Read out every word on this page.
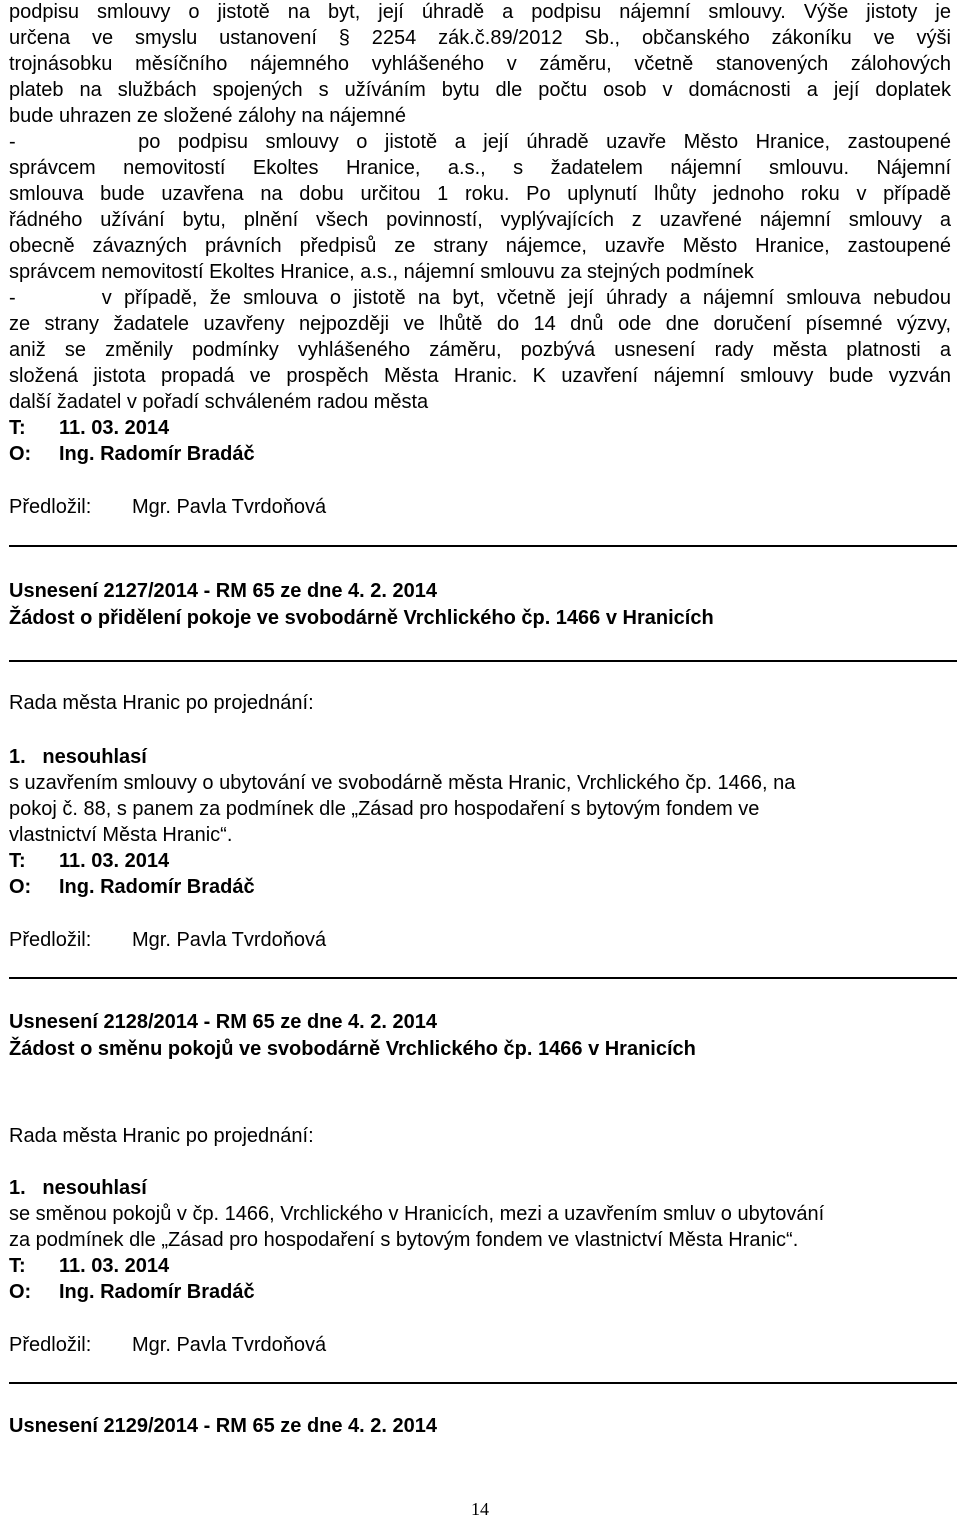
podpisu smlouvy o jistotě na byt, její úhradě a podpisu nájemní smlouvy. Výše jistoty je
určena ve smyslu ustanovení § 2254 zák.č.89/2012 Sb., občanského zákoníku ve výši
trojnásobku měsíčního nájemného vyhlášeného v záměru, včetně stanovených zálohových
plateb na službách spojených s užíváním bytu dle počtu osob v domácnosti a její doplatek
bude uhrazen ze složené zálohy na nájemné
-       po podpisu smlouvy o jistotě a její úhradě uzavře Město Hranice, zastoupené
správcem nemovitostí Ekoltes Hranice, a.s., s žadatelem nájemní smlouvu. Nájemní
smlouva bude uzavřena na dobu určitou 1 roku. Po uplynutí lhůty jednoho roku v případě
řádného užívání bytu, plnění všech povinností, vyplývajících z uzavřené nájemní smlouvy a
obecně závazných právních předpisů ze strany nájemce, uzavře Město Hranice, zastoupené
správcem nemovitostí Ekoltes Hranice, a.s., nájemní smlouvu za stejných podmínek
-       v případě, že smlouva o jistotě na byt, včetně její úhrady a nájemní smlouva nebudou
ze strany žadatele uzavřeny nejpozději ve lhůtě do 14 dnů ode dne doručení písemné výzvy,
aniž se změnily podmínky vyhlášeného záměru, pozbývá usnesení rady města platnosti a
složená jistota propadá ve prospěch Města Hranic. K uzavření nájemní smlouvy bude vyzván
další žadatel v pořadí schváleném radou města
T: 11. 03. 2014
O: Ing. Radomír Bradáč
Předložil: Mgr. Pavla Tvrdoňová
Usnesení 2127/2014 - RM 65 ze dne 4. 2. 2014
Žádost o přidělení pokoje ve svobodárně Vrchlického čp. 1466 v Hranicích
Rada města Hranic po projednání:
1.   nesouhlasí
s uzavřením smlouvy o ubytování ve svobodárně města Hranic, Vrchlického čp. 1466, na
pokoj č. 88, s panem za podmínek dle „Zásad pro hospodaření s bytovým fondem ve
vlastnictví Města Hranic“.
T: 11. 03. 2014
O: Ing. Radomír Bradáč
Předložil: Mgr. Pavla Tvrdoňová
Usnesení 2128/2014 - RM 65 ze dne 4. 2. 2014
Žádost o směnu pokojů ve svobodárně Vrchlického čp. 1466 v Hranicích
Rada města Hranic po projednání:
1.   nesouhlasí
se směnou pokojů v čp. 1466, Vrchlického v Hranicích, mezi a uzavřením smluv o ubytování
za podmínek dle „Zásad pro hospodaření s bytovým fondem ve vlastnictví Města Hranic“.
T: 11. 03. 2014
O: Ing. Radomír Bradáč
Předložil: Mgr. Pavla Tvrdoňová
Usnesení 2129/2014 - RM 65 ze dne 4. 2. 2014
14
